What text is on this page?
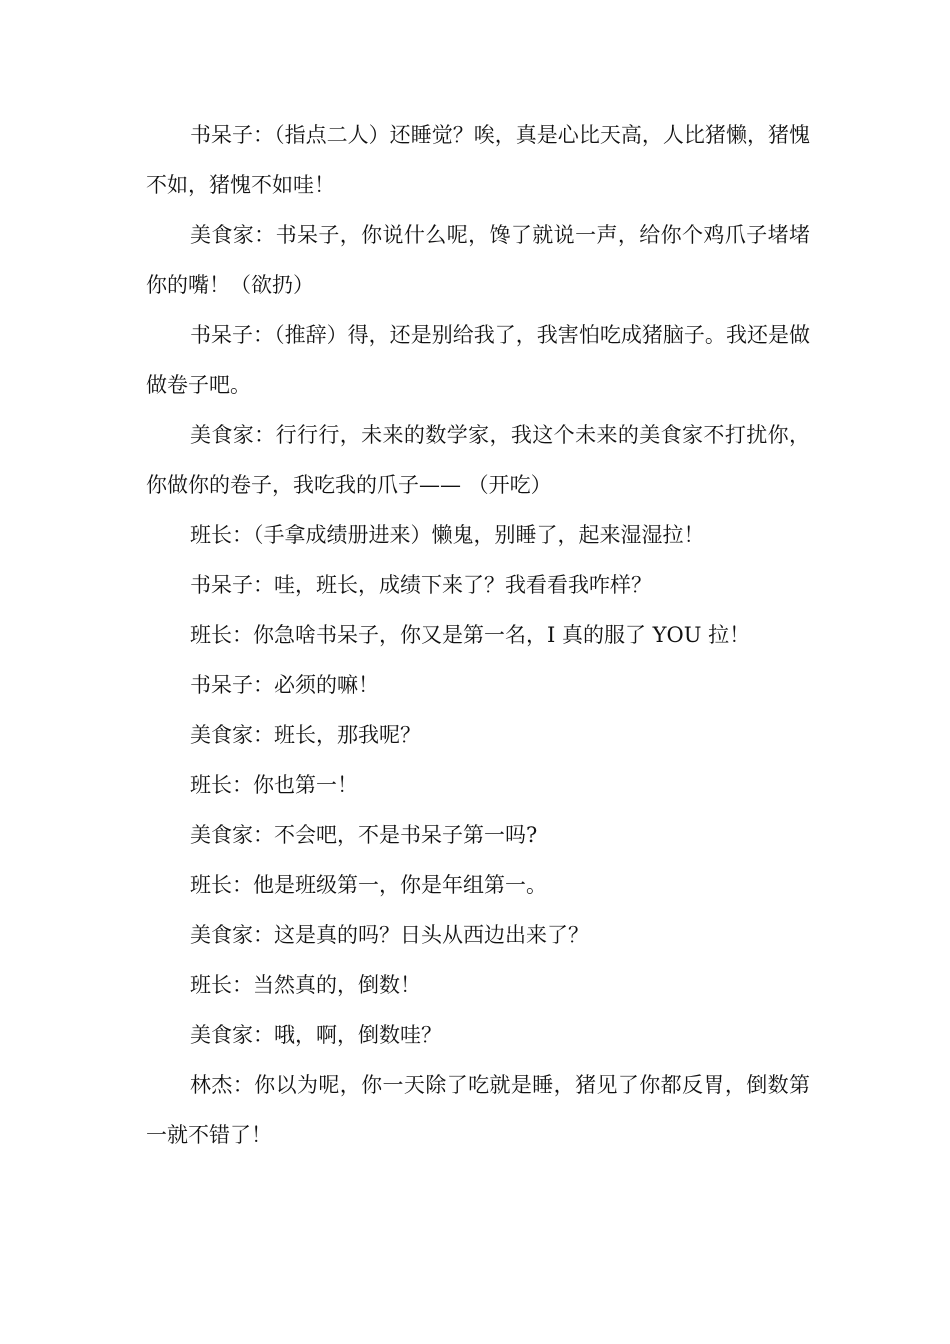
书呆子：（指点二人）还睡觉？唉，真是心比天高，人比猪懒，猪愧不如，猪愧不如哇！

美食家：书呆子，你说什么呢，馋了就说一声，给你个鸡爪子堵堵你的嘴！（欲扔）

书呆子：（推辞）得，还是别给我了，我害怕吃成猪脑子。我还是做做卷子吧。

美食家：行行行，未来的数学家，我这个未来的美食家不打扰你，你做你的卷子，我吃我的爪子—— （开吃）

班长：（手拿成绩册进来）懒鬼，别睡了，起来湿湿拉！

书呆子：哇，班长，成绩下来了？我看看我咋样？

班长：你急啥书呆子，你又是第一名，I 真的服了 YOU 拉！

书呆子：必须的嘛！

美食家：班长，那我呢？

班长：你也第一！

美食家：不会吧，不是书呆子第一吗?

班长：他是班级第一，你是年组第一。

美食家：这是真的吗？日头从西边出来了？

班长：当然真的，倒数！

美食家：哦，啊，倒数哇？

林杰：你以为呢，你一天除了吃就是睡，猪见了你都反胃，倒数第一就不错了！
